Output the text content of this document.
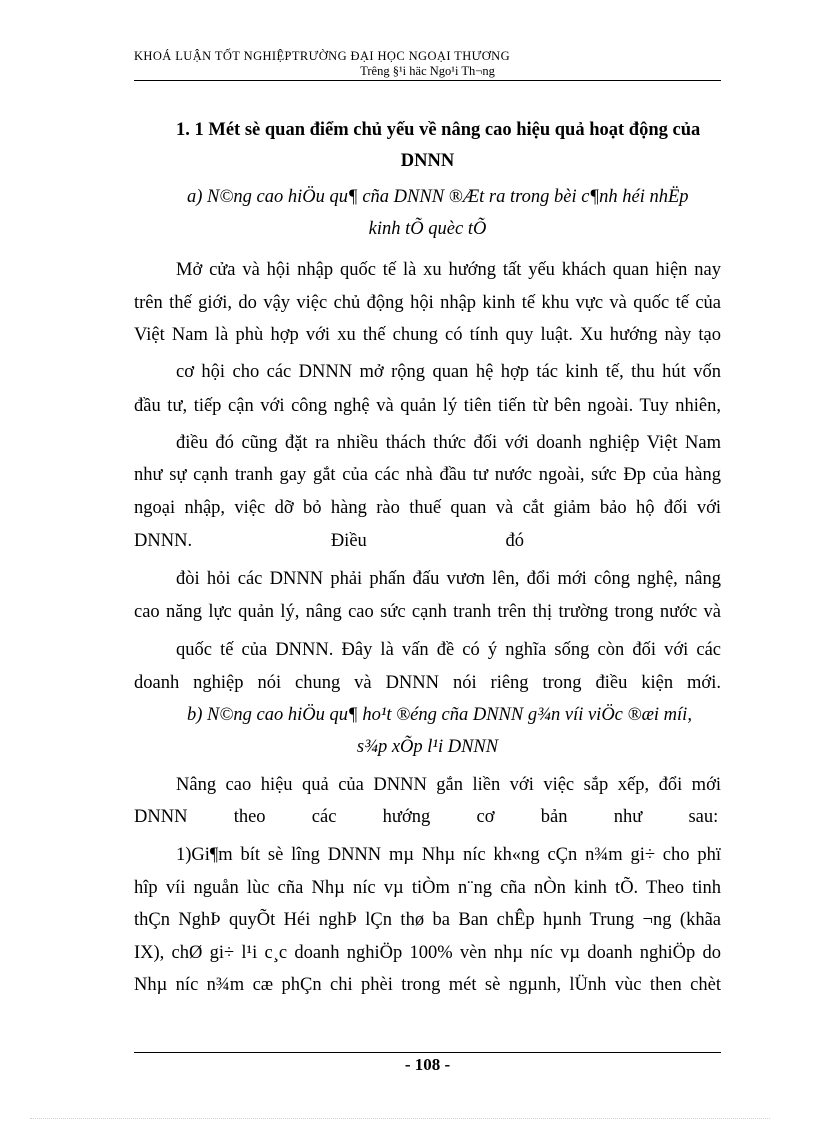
KHOÁ LUẬN TỐT NGHIỆPTRƯỜNG ĐẠI HỌC NGOẠI THƯƠNG
Trêng §¹i häc Ngo¹i Th¬ng
1. 1 Mét sè quan điểm chủ yếu về nâng cao hiệu quả hoạt động của
DNNN
a) N©ng cao hiÖu qu¶ cña DNNN ®Æt ra trong bèi c¶nh héi nhËp
kinh tÕ quèc tÕ
Mở cửa và hội nhập quốc tế là xu hướng tất yếu khách quan hiện nay
trên thế giới, do vậy việc chủ động hội nhập kinh tế khu vực và quốc tế của
Việt Nam là phù hợp với xu thế chung có tính quy luật. Xu hướng này tạo
cơ hội cho các DNNN mở rộng quan hệ hợp tác kinh tế, thu hút vốn
đầu tư, tiếp cận với công nghệ và quản lý tiên tiến từ bên ngoài. Tuy nhiên,
điều đó cũng đặt ra nhiều thách thức đối với doanh nghiệp Việt Nam
như sự cạnh tranh gay gắt của các nhà đầu tư nước ngoài, sức Ðp của hàng
ngoại nhập, việc dỡ bỏ hàng rào thuế quan và cắt giảm bảo hộ đối với
DNNN.                              Điều                              đó
đòi hỏi các DNNN phải phấn đấu vươn lên, đổi mới công nghệ, nâng
cao năng lực quản lý, nâng cao sức cạnh tranh trên thị trường trong nước và
quốc tế của DNNN. Đây là vấn đề có ý nghĩa sống còn đối với các
doanh nghiệp nói chung và DNNN nói riêng trong điều kiện mới.
b) N©ng cao hiÖu qu¶ ho¹t ®éng cña DNNN g¾n víi viÖc ®æi míi,
s¾p xÕp l¹i DNNN
Nâng cao hiệu quả của DNNN gắn liền với việc sắp xếp, đổi mới
DNNN          theo          các          hướng          cơ          bản          như          sau:
1)Gi¶m bít sè lîng DNNN mµ Nhµ níc kh«ng cÇn n¾m gi÷ cho phï
hîp víi nguån lùc cña Nhµ níc vµ tiÒm n¨ng cña nÒn kinh tÕ. Theo tinh
thÇn NghÞ quyÕt Héi nghÞ lÇn thø ba Ban chÊp hµnh Trung ¬ng (khãa
IX), chØ gi÷ l¹i c¸c doanh nghiÖp 100% vèn nhµ níc vµ doanh nghiÖp do
Nhµ níc n¾m cæ phÇn chi phèi trong mét sè ngµnh, lÜnh vùc then chèt
- 108 -
